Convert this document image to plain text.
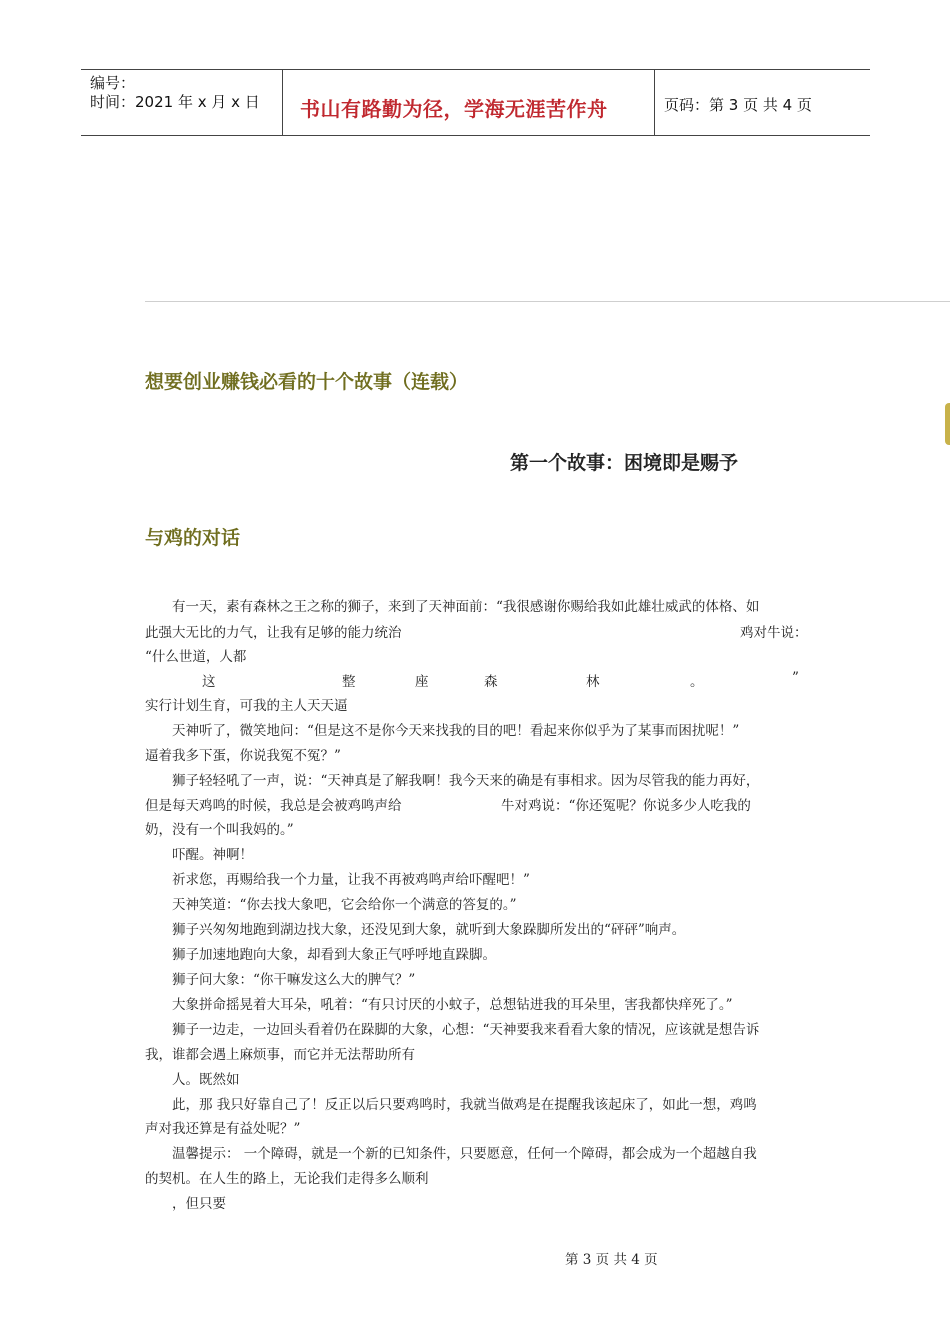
编号：
时间：2021 年 x 月 x 日 书山有路勤为径，学海无涯苦作舟	页码：第 3 页 共 4 页
想要创业赚钱必看的十个故事（连载）
第一个故事：困境即是赐予
与鸡的对话
有一天，素有森林之王之称的狮子，来到了天神面前：“我很感谢你赐给我如此雄壮威武的体格、如
此强大无比的力气，让我有足够的能力统治	鸡对牛说：
“什么世道，人都
这	整	座	森	林	。	”
实行计划生育，可我的主人天天逼
天神听了，微笑地问：“但是这不是你今天来找我的目的吧！看起来你似乎为了某事而困扰呢！”
逼着我多下蛋，你说我冤不冤？”
狮子轻轻吼了一声，说：“天神真是了解我啊！我今天来的确是有事相求。因为尽管我的能力再好，
但是每天鸡鸣的时候，我总是会被鸡鸣声给	牛对鸡说：“你还冤呢？你说多少人吃我的
奶，没有一个叫我妈的。”
吓醒。神啊！
祈求您，再赐给我一个力量，让我不再被鸡鸣声给吓醒吧！”
天神笑道：“你去找大象吧，它会给你一个满意的答复的。”
狮子兴匆匆地跑到湖边找大象，还没见到大象，就听到大象跺脚所发出的“砰砰”响声。
狮子加速地跑向大象，却看到大象正气呼呼地直跺脚。
狮子问大象：“你干嘛发这么大的脾气？”
大象拼命摇晃着大耳朵，吼着：“有只讨厌的小蚊子，总想钻进我的耳朵里，害我都快痒死了。”
狮子一边走，一边回头看着仍在跺脚的大象，心想：“天神要我来看看大象的情况，应该就是想告诉
我，谁都会遇上麻烦事，而它并无法帮助所有
人。既然如
此，那 我只好靠自己了！反正以后只要鸡鸣时，我就当做鸡是在提醒我该起床了，如此一想，鸡鸣
声对我还算是有益处呢？”
温馨提示： 一个障碍，就是一个新的已知条件，只要愿意，任何一个障碍，都会成为一个超越自我
的契机。在人生的路上，无论我们走得多么顺利
，但只要
第 3 页 共 4 页
